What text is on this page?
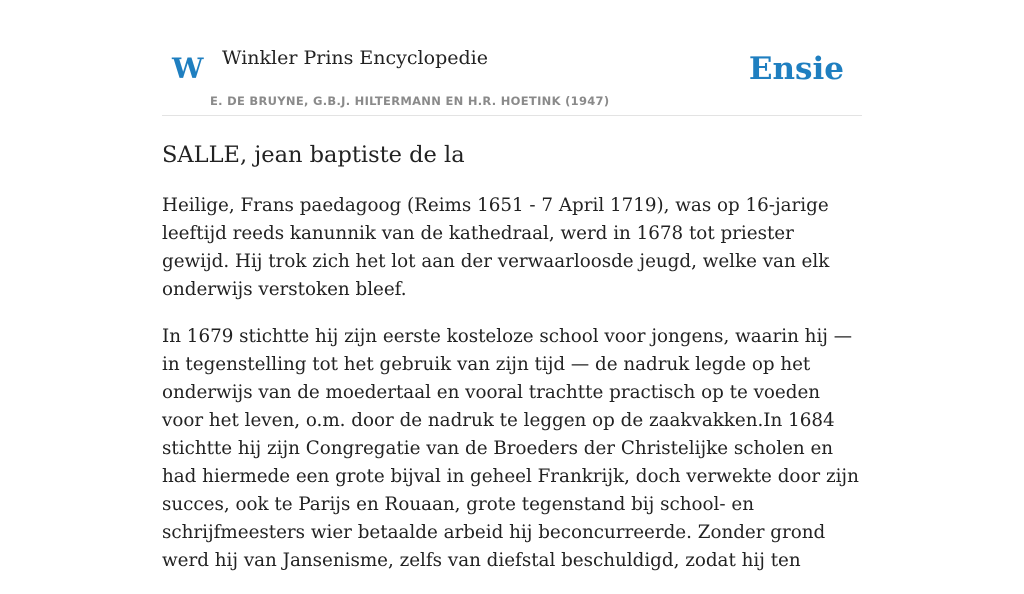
W Winkler Prins Encyclopedie
E. DE BRUYNE, G.B.J. HILTERMANN EN H.R. HOETINK (1947)
Ensie
SALLE, jean baptiste de la

Heilige, Frans paedagoog (Reims 1651 - 7 April 1719), was op 16-jarige leeftijd reeds kanunnik van de kathedraal, werd in 1678 tot priester gewijd. Hij trok zich het lot aan der verwaarloosde jeugd, welke van elk onderwijs verstoken bleef.

In 1679 stichtte hij zijn eerste kosteloze school voor jongens, waarin hij — in tegenstelling tot het gebruik van zijn tijd — de nadruk legde op het onderwijs van de moedertaal en vooral trachtte practisch op te voeden voor het leven, o.m. door de nadruk te leggen op de zaakvakken.In 1684 stichtte hij zijn Congregatie van de Broeders der Christelijke scholen en had hiermede een grote bijval in geheel Frankrijk, doch verwekte door zijn succes, ook te Parijs en Rouaan, grote tegenstand bij school- en schrijfmeesters wier betaalde arbeid hij beconcurreerde. Zonder grond werd hij van Jansenisme, zelfs van diefstal beschuldigd, zodat hij ten
